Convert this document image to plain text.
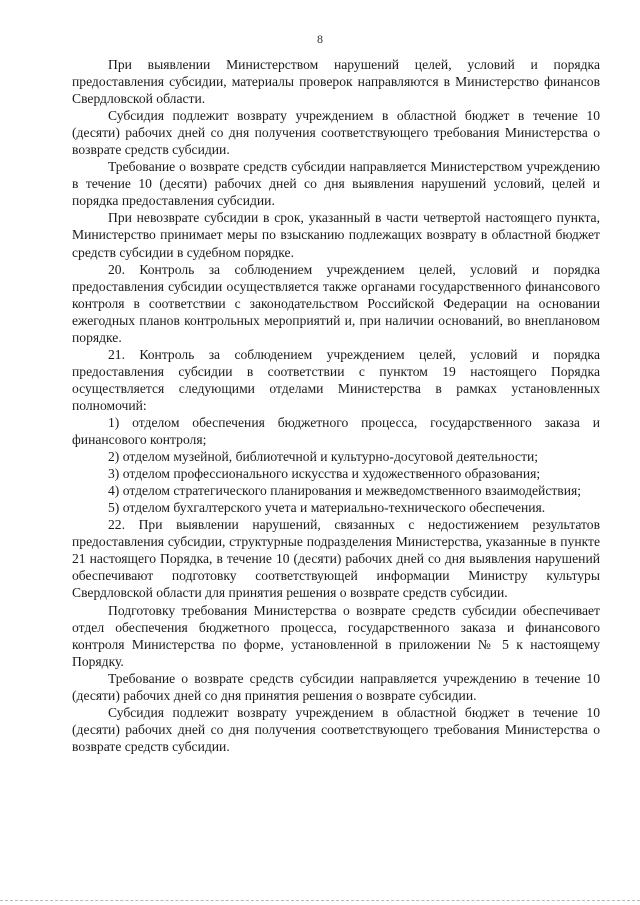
8

При выявлении Министерством нарушений целей, условий и порядка предоставления субсидии, материалы проверок направляются в Министерство финансов Свердловской области.

Субсидия подлежит возврату учреждением в областной бюджет в течение 10 (десяти) рабочих дней со дня получения соответствующего требования Министерства о возврате средств субсидии.

Требование о возврате средств субсидии направляется Министерством учреждению в течение 10 (десяти) рабочих дней со дня выявления нарушений условий, целей и порядка предоставления субсидии.

При невозврате субсидии в срок, указанный в части четвертой настоящего пункта, Министерство принимает меры по взысканию подлежащих возврату в областной бюджет средств субсидии в судебном порядке.

20. Контроль за соблюдением учреждением целей, условий и порядка предоставления субсидии осуществляется также органами государственного финансового контроля в соответствии с законодательством Российской Федерации на основании ежегодных планов контрольных мероприятий и, при наличии оснований, во внеплановом порядке.

21. Контроль за соблюдением учреждением целей, условий и порядка предоставления субсидии в соответствии с пунктом 19 настоящего Порядка осуществляется следующими отделами Министерства в рамках установленных полномочий:

1) отделом обеспечения бюджетного процесса, государственного заказа и финансового контроля;

2) отделом музейной, библиотечной и культурно-досуговой деятельности;

3) отделом профессионального искусства и художественного образования;

4) отделом стратегического планирования и межведомственного взаимодействия;

5) отделом бухгалтерского учета и материально-технического обеспечения.

22. При выявлении нарушений, связанных с недостижением результатов предоставления субсидии, структурные подразделения Министерства, указанные в пункте 21 настоящего Порядка, в течение 10 (десяти) рабочих дней со дня выявления нарушений обеспечивают подготовку соответствующей информации Министру культуры Свердловской области для принятия решения о возврате средств субсидии.

Подготовку требования Министерства о возврате средств субсидии обеспечивает отдел обеспечения бюджетного процесса, государственного заказа и финансового контроля Министерства по форме, установленной в приложении № 5 к настоящему Порядку.

Требование о возврате средств субсидии направляется учреждению в течение 10 (десяти) рабочих дней со дня принятия решения о возврате субсидии.

Субсидия подлежит возврату учреждением в областной бюджет в течение 10 (десяти) рабочих дней со дня получения соответствующего требования Министерства о возврате средств субсидии.
